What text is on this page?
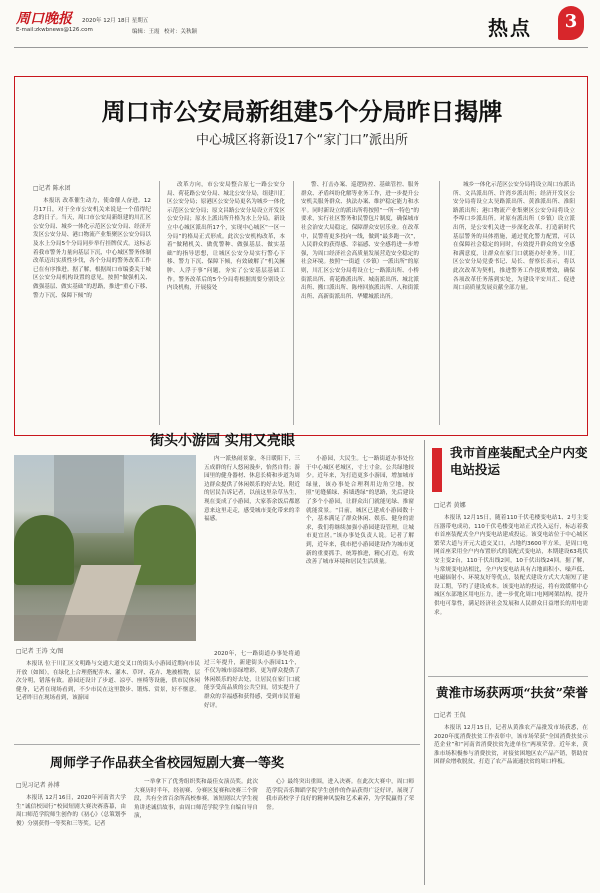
周口晚报
E-mail:zkwbnews@126.com
2020年 12月 18日 星期五
编辑：王霞 校对：关秋颖	热点	3
周口市公安局新组建5个分局昨日揭牌
中心城区将新设17个“家门口”派出所
□记者 陈永团
本报讯 改革催生动力，使命催人奋进。12月17日，对于全市公安机关来说是一个值得纪念的日子。当天，周口市公安局新组建的川汇区公安分局、城乡一体化示范区公安分局、经济开发区公安分局、港口物流产业集聚区公安分局以及水上分局5个分局同步举行挂牌仪式。这标志着我市警务力量向基层下沉，中心城区警务体制改革迈出实质性步伐，各个分局的警务改革工作已在有序推进。据了解，根据周口市编委关于城区公安分局机构设置的意见，按照“做强机关、做强基层、做实基础”的思路，推进“重心下移、警力下沉、保障下倾”的
改革方向，市公安局整合原七一路公安分局、荷花路公安分局、城北公安分局，组建川汇区公安分局；原港区公安分局更名为城乡一体化示范区公安分局；原文昌路公安分局设立开发区公安分局；原水上派出所升格为水上分局。新设立中心城区派出所17个，实现中心城区“一区一分局”的格局正式形成。此次公安机构改革，本着“做精机关、做优警种、做强基层、做实基础”的指导思想，让城区公安分局实行警心下移、警力下沉、保障下倾，有效破解了“机关臃肿、人浮于事”问题，夯实了公安基层基础工作。警务改革后的5个分局将根据需要分别设立内设机构，开展接处
警、打击办案、巡逻防控、基础管控、服务群众、矛盾纠纷化解等业务工作，进一步提升公安机关服务群众、执法办案、维护稳定能力和水平。同时新设立的派出所将按照“一所一特色”的要求，实行社区警务和民警包片制度，确保城市社会治安大局稳定，保障群众安居乐业。在改革中，民警将更多投向一线，做到“最多跑一次”，人民群众的获得感、幸福感、安全感将进一步增强，为周口经济社会高质量发展营造安全稳定的社会环境。按照“一街道（乡镇）一派出所”的原则，川汇区公安分局将设立七一路派出所、小桥街派出所、荷花路派出所、城南派出所、城北派出所、搬口派出所、陈州回族派出所、人和街派出所、高新街派出所、华耀城派出所。
城乡一体化示范区公安分局将设立周口东派出所、文昌派出所、许湾乡派出所；经济开发区公安分局将设立太昊路派出所、黄淮派出所、淮阳路派出所；港口物流产业集聚区公安分局将设立李埠口乡派出所。对原有派出所（乡镇）设立派出所，是公安机关进一步深化改革、打造新时代基层警务的具体措施，通过优化警力配置，可以在保障社会稳定的同时，有效提升群众的安全感和满意度，让群众在家门口就能办好业务。川汇区公安分局党委书记、局长、督察长表示，将以此次改革为契机，推进警务工作提质增效，确保各项改革任务落到实处，为建设平安川汇、促进周口高质量发展贡献全部力量。
街头小游园 实用又亮眼
内一派热闹景象，冬日暖阳下，三五成群的行人悠闲漫步，怡然自得；游园里的健身器材、休息长椅和步道为周边群众提供了休闲娱乐的好去处。附近的居民告诉记者，以前这里杂草丛生，现在变成了小游园，大家茶余饭后都愿意来这里走走，感受城市变化带来的幸福感。
小游园，大民生。七一路街道办事处位于中心城区老城区，寸土寸金，公共绿地较少。近年来，为打造更多小游园，增加城市绿量，该办事处合理利用边角空地，按照“见缝插绿、拆墙透绿”的思路，先后建设了多个小游园，让群众出门就能见绿、推窗就能赏景。“目前，城区已建成小游园数十个，基本满足了群众休闲、娱乐、健身的需求，我们将继续加强小游园建设管理，让城市更宜居。”该办事处负责人说。记者了解到，近年来，我市把小游园建设作为城市更新的重要抓手，统筹推进，精心打造，有效改善了城市环境和居民生活质量。
□记者 王涛 文/图
本报讯 位于川汇区文明路与交通大道交叉口的街头小游园近期向市民开放（如图），在绿化上合理搭配乔木、灌木、草坪、花卉、地被植物，层次分明，错落有致。游园还设计了步道、凉亭、座椅等设施，供市民休闲健身，记者在现场看到，不少市民在这里散步、锻炼、赏景，好不惬意。记者昨日在现场看到，该游园
2020年，七一路街道办事处将通过三年提升，新建街头小游园11个，不仅为城市添绿增彩，更为群众提供了休闲娱乐的好去处，让居民在家门口就能享受高品质的公共空间，切实提升了群众的幸福感和获得感，受到市民普遍好评。
我市首座装配式全户内变电站投运
□记者 黄娜
本报讯 12月15日，随着110千伏毛楼变电站1、2号主变压器带电成功，110千伏毛楼变电站正式投入运行，标志着我市首座装配式全户内变电站建成投运。该变电站位于中心城区繁荣大道与开元大道交叉口，占地约3600平方米，是周口电网首座采用全户内布置形式的装配式变电站，本期建设63兆伏安主变2台，110千伏出线2回，10千伏出线24回。据了解，与常规变电站相比，全户内变电站具有占地面积小、噪声低、电磁辐射小、环境友好等优点，装配式建设方式大大缩短了建设工期，节约了建设成本。该变电站的投运，将有效缓解中心城区东部地区用电压力，进一步优化周口电网网架结构，提升供电可靠性，满足经济社会发展和人民群众日益增长的用电需求。
黄淮市场获两项“扶贫”荣誉
□记者 王侃
本报讯 12月15日，记者从黄淮农产品批发市场获悉，在2020年度消费扶贫工作表彰中，该市场荣获“全国消费扶贫示范企业”和“河南省消费扶贫先进单位”两项荣誉。近年来，黄淮市场积极参与消费扶贫，对接贫困地区农产品产销，帮助贫困群众增收脱贫，打造了农产品流通扶贫的周口样板。
周师学子作品获全省校园短剧大赛一等奖
□见习记者 孙博
本报讯 12月16日，2020年河南省大学生“诚信校园行”校园短剧大赛决赛落幕，由周口师范学院师生创作的《初心》（总策划李俊）分别获得一等奖和三等奖。记者
一举拿下了优秀组织奖和最佳女演员奖。此次大赛历时半年，经初赛、分赛区复赛和决赛三个阶段，共有全省百余所高校参赛。该短剧以大学生视角讲述诚信故事，由周口师范学院学生自编自导自演，
心》最终突出重围，进入决赛。在此次大赛中，周口师范学院音乐舞蹈学院学生创作的作品获得广泛好评，展现了我市高校学子良好的精神风貌和艺术素养，为学院赢得了荣誉。
